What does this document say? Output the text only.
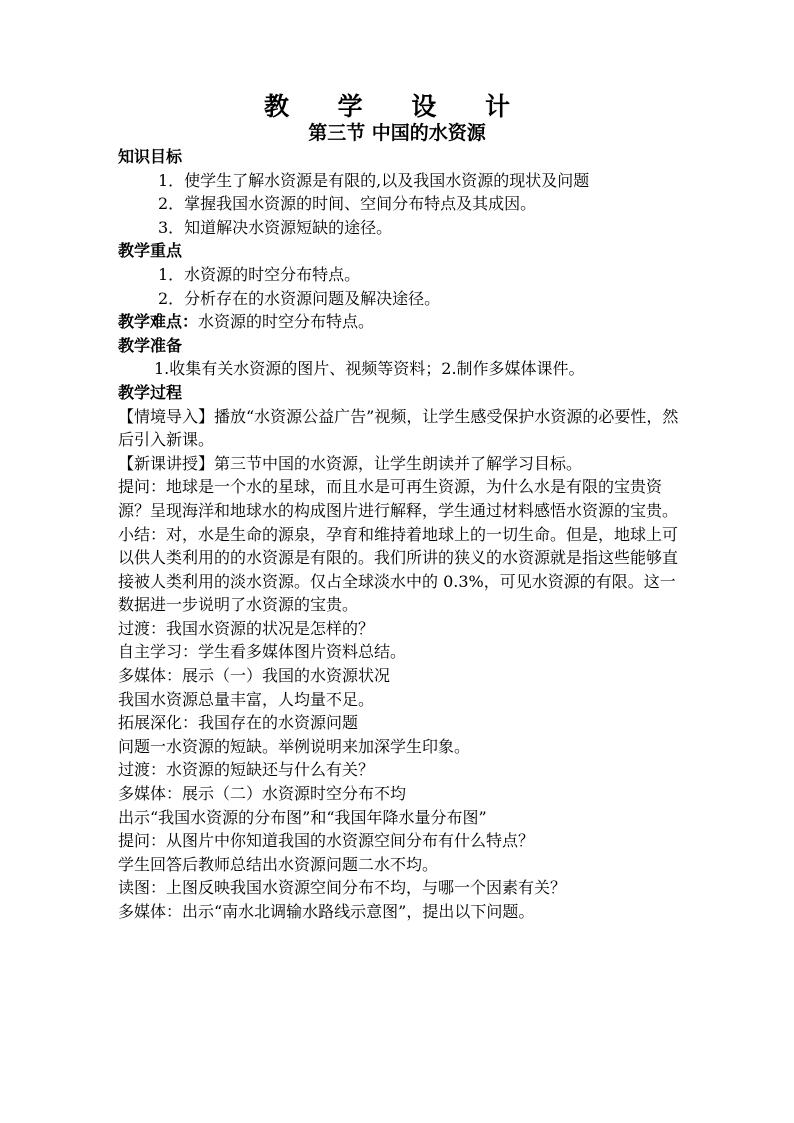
教 学 设 计
第三节 中国的水资源

知识目标

1．使学生了解水资源是有限的,以及我国水资源的现状及问题

2．掌握我国水资源的时间、空间分布特点及其成因。

3．知道解决水资源短缺的途径。

教学重点

1．水资源的时空分布特点。

2．分析存在的水资源问题及解决途径。

教学难点：水资源的时空分布特点。

教学准备

1.收集有关水资源的图片、视频等资料；2.制作多媒体课件。

教学过程

【情境导入】播放“水资源公益广告”视频，让学生感受保护水资源的必要性，然后引入新课。

【新课讲授】第三节中国的水资源，让学生朗读并了解学习目标。

提问：地球是一个水的星球，而且水是可再生资源，为什么水是有限的宝贵资源？呈现海洋和地球水的构成图片进行解释，学生通过材料感悟水资源的宝贵。

小结：对，水是生命的源泉，孕育和维持着地球上的一切生命。但是，地球上可以供人类利用的的水资源是有限的。我们所讲的狭义的水资源就是指这些能够直接被人类利用的淡水资源。仅占全球淡水中的 0.3%，可见水资源的有限。这一数据进一步说明了水资源的宝贵。

过渡：我国水资源的状况是怎样的？

自主学习：学生看多媒体图片资料总结。

多媒体：展示（一）我国的水资源状况

我国水资源总量丰富，人均量不足。

拓展深化：我国存在的水资源问题

问题一水资源的短缺。举例说明来加深学生印象。

过渡：水资源的短缺还与什么有关？

多媒体：展示（二）水资源时空分布不均

出示“我国水资源的分布图”和“我国年降水量分布图”

提问：从图片中你知道我国的水资源空间分布有什么特点？

学生回答后教师总结出水资源问题二水不均。

读图：上图反映我国水资源空间分布不均，与哪一个因素有关？

多媒体：出示“南水北调输水路线示意图”，提出以下问题。
